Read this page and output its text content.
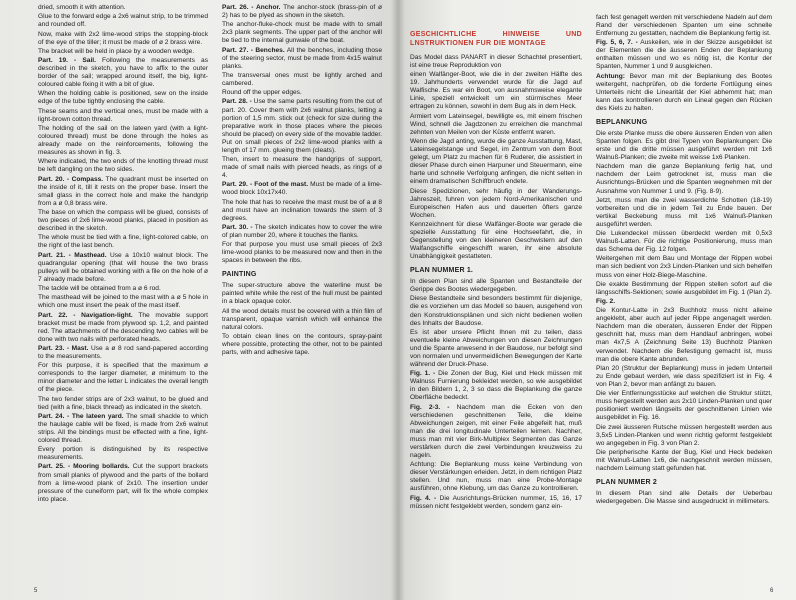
dried, smooth it with attention.

Glue to the forward edge a 2x6 walnut strip, to be trimmed and rounded off.

Now, make with 2x2 lime-wood strips the stopping-block of the eye of the tiller; it must be made of ø 2 brass wire.

The bracket will be held in place by a wooden wedge.

Part. 19. - Sail. Following the measurements as described in the sketch, you have to affix to the outer border of the sail; wrapped around itself, the big, light-coloured cable fixing it with a bit of glue.

When the holding cable is positioned, sew on the inside edge of the tube tightly enclosing the cable.

These seams and the vertical ones, must be made with a light-brown cotton thread.

The holding of the sail on the lateen yard (with a light-coloured thread) must be done through the holes as already made on the reinforcements, following the measures as shown in fig. 3.

Where indicated, the two ends of the knotting thread must be left dangling on the two sides.

Part. 20. - Compass. The quadrant must be inserted on the inside of it, till it rests on the proper base. Insert the small glass in the correct hole and make the handgrip from a ø 0,8 brass wire.

The base on which the compass will be glued, consists of two pieces of 2x6 lime-wood planks, placed in position as described in the sketch.

The whole must be tied with a fine, light-colored cable, on the right of the last bench.

Part. 21. - Masthead. Use a 10x10 walnut block. The quadrangular opening (that will house the two brass pulleys will be obtained working with a file on the hole of ø 7 already made before.

The tackle will be obtained from a ø 6 rod.

The masthead will be joined to the mast with a ø 5 hole in which one must insert the peak of the mast itself.

Part. 22. - Navigation-light. The movable support bracket must be made from plywood sp. 1,2, and painted red. The attachments of the descending two cables will be done with two nails with perforated heads.

Part. 23. - Mast. Use a ø 8 rod sand-papered according to the measurements.

For this purpose, it is specified that the maximum ø corresponds to the larger diameter, ø minimum to the minor diameter and the letter L indicates the overall length of the piece.

The two fender strips are of 2x3 walnut, to be glued and tied (with a fine, black thread) as indicated in the sketch.

Part. 24. - The lateen yard. The small shackle to which the haulage cable will be fixed, is made from 2x6 walnut strips. All the bindings must be effected with a fine, light-colored thread.

Every portion is distinguished by its respective measurements.

Part. 25. - Mooring bollards. Cut the support brackets from small planks of plywood and the parts of the bollard from a lime-wood plank of 2x10. The insertion under pressure of the cuneiform part, will fix the whole complex into place.

Part. 26. - Anchor. The anchor-stock (brass-pin of ø 2) has to be plyed as shown in the sketch.

The anchor-fluke-chock must be made with to small 2x3 plank segments. The upper part of the anchor will be tied to the internal gunwale of the boat.

Part. 27. - Benches. All the benches, including those of the steering sector, must be made from 4x15 walnut planks.

The transversal ones must be lightly arched and cambered.

Round off the upper edges.

Part. 28. - Use the same parts resulting from the cut of part. 20. Cover them with 2x6 walnut planks, letting a portion of 1,5 mm. stick out (check for size during the preparative work in those places where the pieces should be placed) on every side of the movable ladder. Put on small pieces of 2x2 lime-wood planks with a length of 17 mm. glueing them (cleats).

Then, insert to measure the handgrips of support, made of small nails with pierced heads, as rings of ø 4.

Part. 29. - Foot of the mast. Must be made of a lime-wood block 10x17x40.

The hole that has to receive the mast must be of a ø 8 and must have an inclination towards the stern of 3 degrees.

Part. 30. - The sketch indicates how to cover the wire of plan number 20, where it touches the flanks.

For that purpose you must use small pieces of 2x3 lime-wood planks to be measured now and then in the spaces in between the ribs.

PAINTING

The super-structure above the waterline must be painted white while the rest of the hull must be painted in a black opaque color.

All the wood details must be covered with a thin film of transparent, opaque varnish which will enhance the natural colors.

To obtain clean lines on the contours, spray-paint where possible, protecting the other, not to be painted parts, with and adhesive tape.

5

GESCHICHTLICHE HINWEISE UND LNSTRUKTIONEN FUR DIE MONTAGE

Das Model dass PANART in dieser Schachtel presentiert, ist eine treue Reproduktion von

einen Walfänger-Boot, wie die in der zweiten Hälfte des 19. Jahrhunderts verwendet wurde für die Jagd auf Walfische. Es war ein Boot, von ausnahmsweise elegante Linie, speziell entwickelt um ein stürmisches Meer ertragen zu können, sowohl in dem Bug als in dem Heck.

Armiert vom Lateinsegel, bewilligte es, mit einem frischen Wind, schnell die Jagdzonen zu erreichen die manchmal zehnten von Meilen von der Küste entfernt waren.

Wenn die Jagd anting, wurde die ganze Ausstattung, Mast, Lateinsegelstange und Segel, im Zentrum von dem Boot gelegt, um Platz zu machen für 6 Ruderer, die assistiert in dieser Phase durch einen Harpuner und Steuermann, eine harte und schnelle Verfolgung anfingen, die nicht selten in einem dramatischen Schiffbruch endete.

Diese Spedizionen, sehr häufig in der Wanderungs-Jahreszeit, fuhren von jedem Nord-Amerikanischen und Europeischen Hafen aus und dauerten öfters ganze Wochen.

Kennzeichnent für diese Walfänger-Boote war gerade die spezielle Ausstattung für eine Hochseefahrt, die, in Gegenstellung von den kleineren Geschwistern auf den Walfangschiffe eingeschifft waren, ihr eine absolute Unabhängigkeit gestatteten.

PLAN NUMMER 1.

In diesem Plan sind alle Spanten und Bestandteile der Gerippe des Bootes wiedergegeben.

Diese Bestandteile sind besonders bestimmt für diejenige, die es vorziehen um das Modell so bauen, ausgehend von den Konstruktionsplänen und sich nicht bedienen wollen des Inhalts der Baudose.

Es ist aber unsere Pflicht Ihnen mit zu teilen, dass eventuelle kleine Abweichungen von diesen Zeichnungen und die Spante anwesend in der Baudose, nur befolgt sind von normalen und unvermeidlichen Bewegungen der Karte während der Druck-Phase.

Fig. 1. - Die Zonen der Bug, Kiel und Heck müssen mit Walnuss Furnierung bekleidet werden, so wie ausgebildet in den Bildern 1, 2, 3 so dass die Beplankung die ganze Oberfläche bedeckt.

Fig. 2-3. - Nachdem man die Ecken von den verschiedenen geschnittenen Teile, die kleine Abweichungen zeigen, mit einer Feile abgefeilt hat, muß man die drei longitudinale Unterteilen leimen. Nachher, muss man mit vier Birk-Multiplex Segmenten das Ganze verstärken durch die zwei Verbindungen kreuzweiss zu nageln.

Achtung: Die Beplankung muss keine Verbindung von dieser Verstärkungen erleiden. Jetzt, in dem richtigen Platz stellen. Und nun, muss man eine Probe-Montage ausführen, ohne Klebung, um das Ganze zu kontrollieren.

Fig. 4. - Die Ausrichtungs-Brücken nummer, 15, 16, 17 müssen nicht festgeklebt werden, sondern ganz ein-

fach fest genagelt werden mit verschiedene Nadeln auf dem Rand der verschiedenen Spanten um eine schnelle Entfernung zu gestatten, nachdem die Beplankung fertig ist.

Fig. 5, 6, 7. - Auskeilen, wie in der Skizze ausgebildet ist der Elementen die die äusseren Enden der Beplankung enthalten müssen und wo es nötig ist, die Kontur der Spanten, Nummer 1 und 9 ausgleichen.

Achtung: Bevor man mit der Beplankung des Bootes weitergeht, nachprüfen, ob die forderte Fortlügung eines Unterteils nicht die Linearität der Kiel abhemmt hat; man kann das kontrollieren durch ein Lineal gegen den Rücken des Kiels zu halten.

BEPLANKUNG

Die erste Planke muss die obere äusseren Enden von allen Spanten folgen. Es gibt drei Typen von Beplankungen: Die erste und die dritte müssen ausgeführt werden mit 1x6 Walnuß-Planken; die zweite mit weisse 1x6 Planken.

Nachdem man die ganze Beplankung fertig hat, und nachdem der Leim getrocknet ist, muss man die Ausrichtungs-Brücken und die Spanten wegnehmen mit der Ausnahme von Nummer 1 und 9. (Fig. 8-9).

Jetzt, muss man die zwei wasserdichte Schotten (18-19) vorbereiten und die in jedem Teil zu Ende bauen. Der vertikal Beckebung muss mit 1x6 Walnuß-Planken ausgeführt werden.

Die Lukendeckel müssen überdeckt werden mit 0,5x3 Walnuß-Latten. Für die richtige Positionierung, muss man das Schema der Fig. 12 folgen.

Weitergehen mit dem Bau und Montage der Rippen wobei man sich bedient von 2x3 Linden-Planken und sich behelfen muss von einer Holz-Biege-Maschine.

Die exakte Bestimmung der Rippen stellen sofort auf die längsschiffs-Sektionen; sowie ausgebildet im Fig. 1 (Plan 2).

Fig. 2.

Die Kontur-Latte in 2x3 Buchholz muss nicht alleine angeklebt, aber auch auf jeder Rippe angenagelt werden. Nachdem man die oberaten, äusseren Ender der Rippen geschnitt hat, muss man dem Handlauf anbringen, wobei man 4x7,5 A (Zeichnung Seite 13) Buchholz Planken verwendet. Nachdem die Befestigung gemacht ist, muss man die obere Kante abrunden.

Plan 20 (Struktur der Beplankung) muss in jedem Unterteil zu Ende gebaut werden, wie dass spezifiziert ist in Fig. 4 von Plan 2, bevor man anfängt zu bauen.

Die vier Entfernungsstücke auf welchen die Struktur stützt, muss hergestellt werden aus 2x10 Linden-Planken und quer positioniert werden längseits der geschnittenen Linien wie ausgebildet in Fig. 16.

Die zwei äusseren Rutsche müssen hergestellt werden aus 3,5x5 Linden-Planken und wenn richtig geformt festgeklebt wo angegeben in Fig. 3 von Plan 2.

Die peripherische Kante der Bug, Kiel und Heck bedeken mit Walnuß-Latten 1x6, die nachgeschnit werden müssen, nachdem Leimung statt gefunden hat.

PLAN NUMMER 2

In diesem Plan sind alle Details der Ueberbau wiedergegeben. Die Masse sind ausgedruckt in millimeters.

6
